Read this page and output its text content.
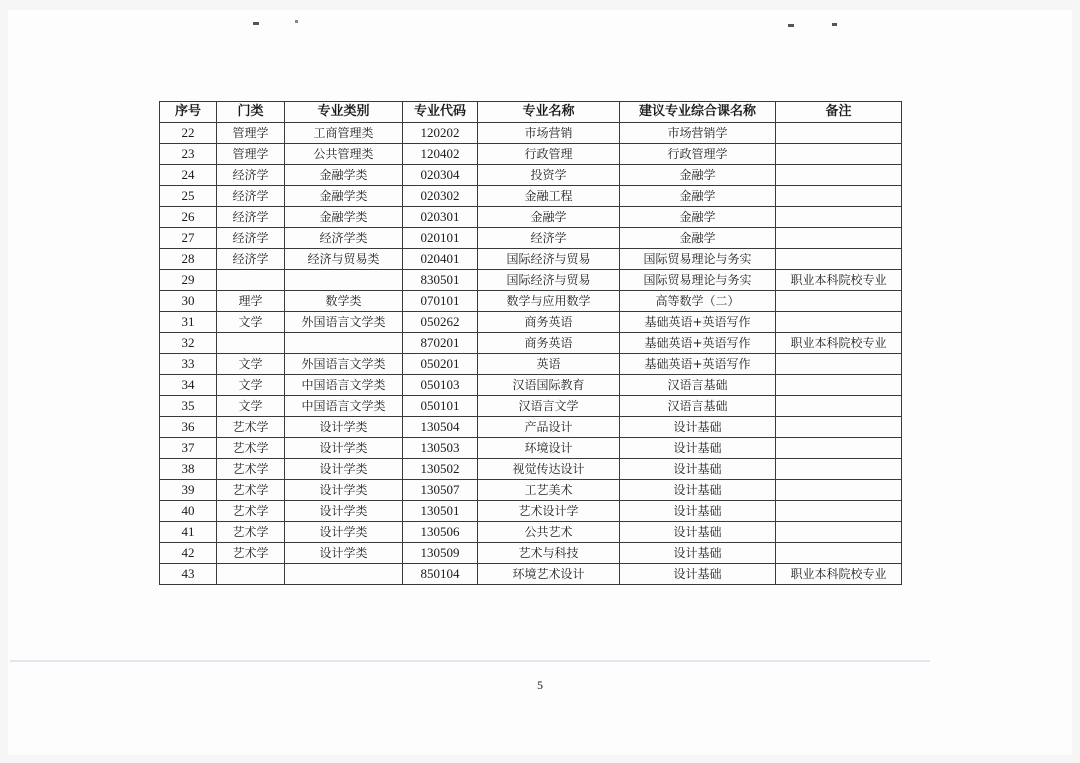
序号	门类	专业类别	专业代码	专业名称	建议专业综合课名称	备注
22	管理学	工商管理类	120202	市场营销	市场营销学	
23	管理学	公共管理类	120402	行政管理	行政管理学	
24	经济学	金融学类	020304	投资学	金融学	
25	经济学	金融学类	020302	金融工程	金融学	
26	经济学	金融学类	020301	金融学	金融学	
27	经济学	经济学类	020101	经济学	金融学	
28	经济学	经济与贸易类	020401	国际经济与贸易	国际贸易理论与务实	
29			830501	国际经济与贸易	国际贸易理论与务实	职业本科院校专业
30	理学	数学类	070101	数学与应用数学	高等数学（二）	
31	文学	外国语言文学类	050262	商务英语	基础英语+英语写作	
32			870201	商务英语	基础英语+英语写作	职业本科院校专业
33	文学	外国语言文学类	050201	英语	基础英语+英语写作	
34	文学	中国语言文学类	050103	汉语国际教育	汉语言基础	
35	文学	中国语言文学类	050101	汉语言文学	汉语言基础	
36	艺术学	设计学类	130504	产品设计	设计基础	
37	艺术学	设计学类	130503	环境设计	设计基础	
38	艺术学	设计学类	130502	视觉传达设计	设计基础	
39	艺术学	设计学类	130507	工艺美术	设计基础	
40	艺术学	设计学类	130501	艺术设计学	设计基础	
41	艺术学	设计学类	130506	公共艺术	设计基础	
42	艺术学	设计学类	130509	艺术与科技	设计基础	
43			850104	环境艺术设计	设计基础	职业本科院校专业
5
